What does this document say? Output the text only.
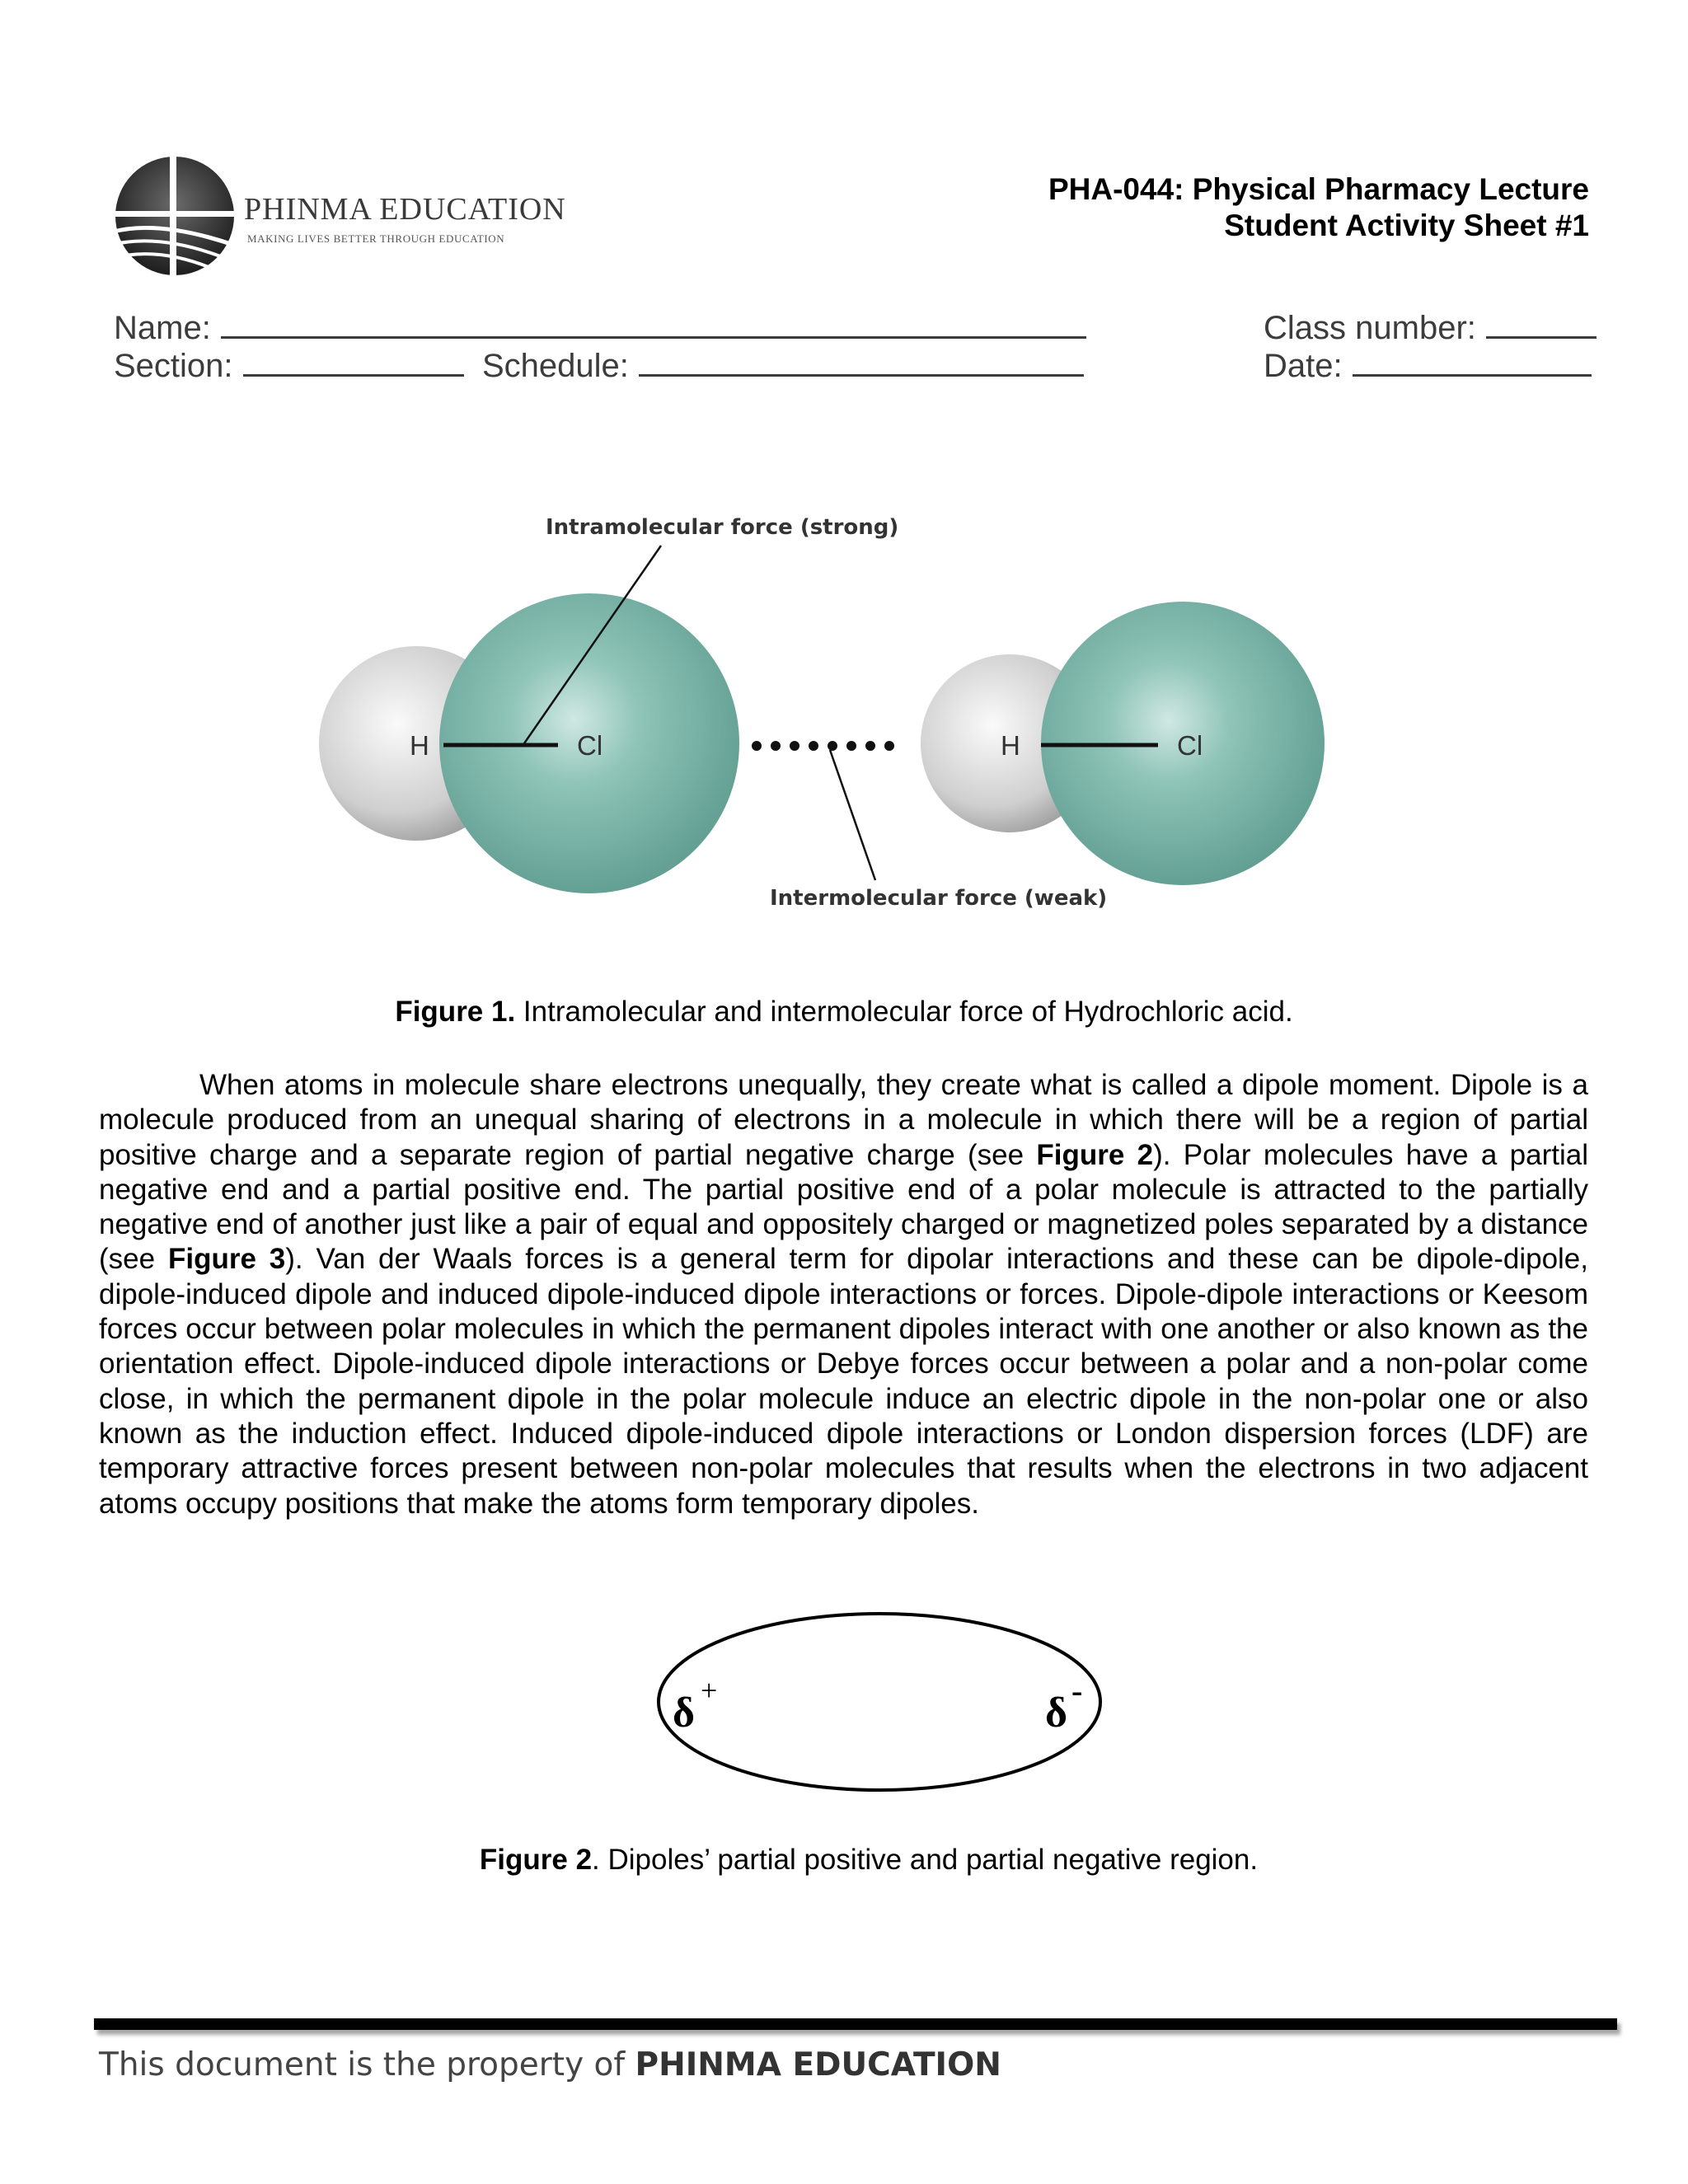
PHINMA EDUCATION

MAKING LIVES BETTER THROUGH EDUCATION

PHA-044: Physical Pharmacy Lecture
Student Activity Sheet #1
Name:
Section:	Schedule:
Class number:
Date:
H	Cl	H	Cl
Intramolecular force (strong)
Intermolecular force (weak)
Figure 1. Intramolecular and intermolecular force of Hydrochloric acid.

When atoms in molecule share electrons unequally, they create what is called a dipole moment. Dipole is a molecule produced from an unequal sharing of electrons in a molecule in which there will be a region of partial positive charge and a separate region of partial negative charge (see Figure 2). Polar molecules have a partial negative end and a partial positive end. The partial positive end of a polar molecule is attracted to the partially negative end of another just like a pair of equal and oppositely charged or magnetized poles separated by a distance (see Figure 3). Van der Waals forces is a general term for dipolar interactions and these can be dipole-dipole, dipole-induced dipole and induced dipole-induced dipole interactions or forces. Dipole-dipole interactions or Keesom forces occur between polar molecules in which the permanent dipoles interact with one another or also known as the orientation effect. Dipole-induced dipole interactions or Debye forces occur between a polar and a non-polar come close, in which the permanent dipole in the polar molecule induce an electric dipole in the non-polar one or also known as the induction effect. Induced dipole-induced dipole interactions or London dispersion forces (LDF) are temporary attractive forces present between non-polar molecules that results when the electrons in two adjacent atoms occupy positions that make the atoms form temporary dipoles.

δ +	δ -
Figure 2. Dipoles’ partial positive and partial negative region.
This document is the property of PHINMA EDUCATION
